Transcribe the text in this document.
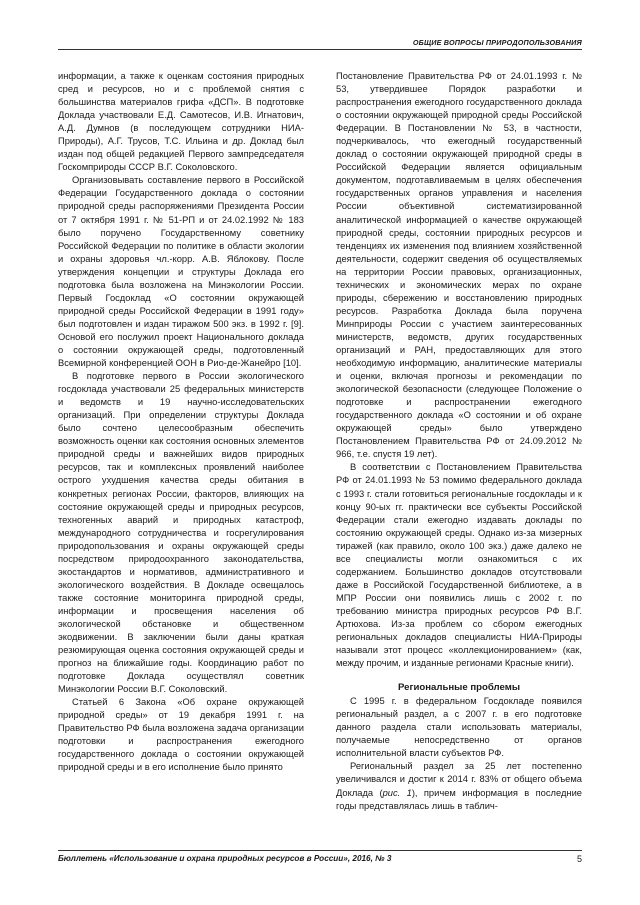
ОБЩИЕ ВОПРОСЫ ПРИРОДОПОЛЬЗОВАНИЯ

информации, а также к оценкам состояния природных сред и ресурсов, но и с проблемой снятия с большинства материалов грифа «ДСП». В подготовке Доклада участвовали Е.Д. Самотесов, И.В. Игнатович, А.Д. Думнов (в последующем сотрудники НИА-Природы), А.Г. Трусов, Т.С. Ильина и др. Доклад был издан под общей редакцией Первого зампредседателя Госкомприроды СССР В.Г. Соколовского.

Организовывать составление первого в Российской Федерации Государственного доклада о состоянии природной среды распоряжениями Президента России от 7 октября 1991 г. № 51-РП и от 24.02.1992 № 183 было поручено Государственному советнику Российской Федерации по политике в области экологии и охраны здоровья чл.-корр. А.В. Яблокову. После утверждения концепции и структуры Доклада его подготовка была возложена на Минэкологии России. Первый Госдоклад «О состоянии окружающей природной среды Российской Федерации в 1991 году» был подготовлен и издан тиражом 500 экз. в 1992 г. [9]. Основой его послужил проект Национального доклада о состоянии окружающей среды, подготовленный Всемирной конференцией ООН в Рио-де-Жанейро [10].

В подготовке первого в России экологического госдоклада участвовали 25 федеральных министерств и ведомств и 19 научно-исследовательских организаций. При определении структуры Доклада было сочтено целесообразным обеспечить возможность оценки как состояния основных элементов природной среды и важнейших видов природных ресурсов, так и комплексных проявлений наиболее острого ухудшения качества среды обитания в конкретных регионах России, факторов, влияющих на состояние окружающей среды и природных ресурсов, техногенных аварий и природных катастроф, международного сотрудничества и госрегулирования природопользования и охраны окружающей среды посредством природоохранного законодательства, экостандартов и нормативов, административного и экологического воздействия. В Докладе освещалось также состояние мониторинга природной среды, информации и просвещения населения об экологической обстановке и общественном экодвижении. В заключении были даны краткая резюмирующая оценка состояния окружающей среды и прогноз на ближайшие годы. Координацию работ по подготовке Доклада осуществлял советник Минэкологии России В.Г. Соколовский.

Статьей 6 Закона «Об охране окружающей природной среды» от 19 декабря 1991 г. на Правительство РФ была возложена задача организации подготовки и распространения ежегодного государственного доклада о состоянии окружающей природной среды и в его исполнение было принято

Постановление Правительства РФ от 24.01.1993 г. № 53, утвердившее Порядок разработки и распространения ежегодного государственного доклада о состоянии окружающей природной среды Российской Федерации. В Постановлении № 53, в частности, подчеркивалось, что ежегодный государственный доклад о состоянии окружающей природной среды в Российской Федерации является официальным документом, подготавливаемым в целях обеспечения государственных органов управления и населения России объективной систематизированной аналитической информацией о качестве окружающей природной среды, состоянии природных ресурсов и тенденциях их изменения под влиянием хозяйственной деятельности, содержит сведения об осуществляемых на территории России правовых, организационных, технических и экономических мерах по охране природы, сбережению и восстановлению природных ресурсов. Разработка Доклада была поручена Минприроды России с участием заинтересованных министерств, ведомств, других государственных организаций и РАН, предоставляющих для этого необходимую информацию, аналитические материалы и оценки, включая прогнозы и рекомендации по экологической безопасности (следующее Положение о подготовке и распространении ежегодного государственного доклада «О состоянии и об охране окружающей среды» было утверждено Постановлением Правительства РФ от 24.09.2012 № 966, т.е. спустя 19 лет).

В соответствии с Постановлением Правительства РФ от 24.01.1993 № 53 помимо федерального доклада с 1993 г. стали готовиться региональные госдоклады и к концу 90-ых гг. практически все субъекты Российской Федерации стали ежегодно издавать доклады по состоянию окружающей среды. Однако из-за мизерных тиражей (как правило, около 100 экз.) даже далеко не все специалисты могли ознакомиться с их содержанием. Большинство докладов отсутствовали даже в Российской Государственной библиотеке, а в МПР России они появились лишь с 2002 г. по требованию министра природных ресурсов РФ В.Г. Артюхова. Из-за проблем со сбором ежегодных региональных докладов специалисты НИА-Природы называли этот процесс «коллекционированием» (как, между прочим, и изданные регионами Красные книги).

Региональные проблемы

С 1995 г. в федеральном Госдокладе появился региональный раздел, а с 2007 г. в его подготовке данного раздела стали использовать материалы, получаемые непосредственно от органов исполнительной власти субъектов РФ.

Региональный раздел за 25 лет постепенно увеличивался и достиг к 2014 г. 83% от общего объема Доклада (рис. 1), причем информация в последние годы представлялась лишь в таблич-

Бюллетень «Использование и охрана природных ресурсов в России», 2016, № 3	5
